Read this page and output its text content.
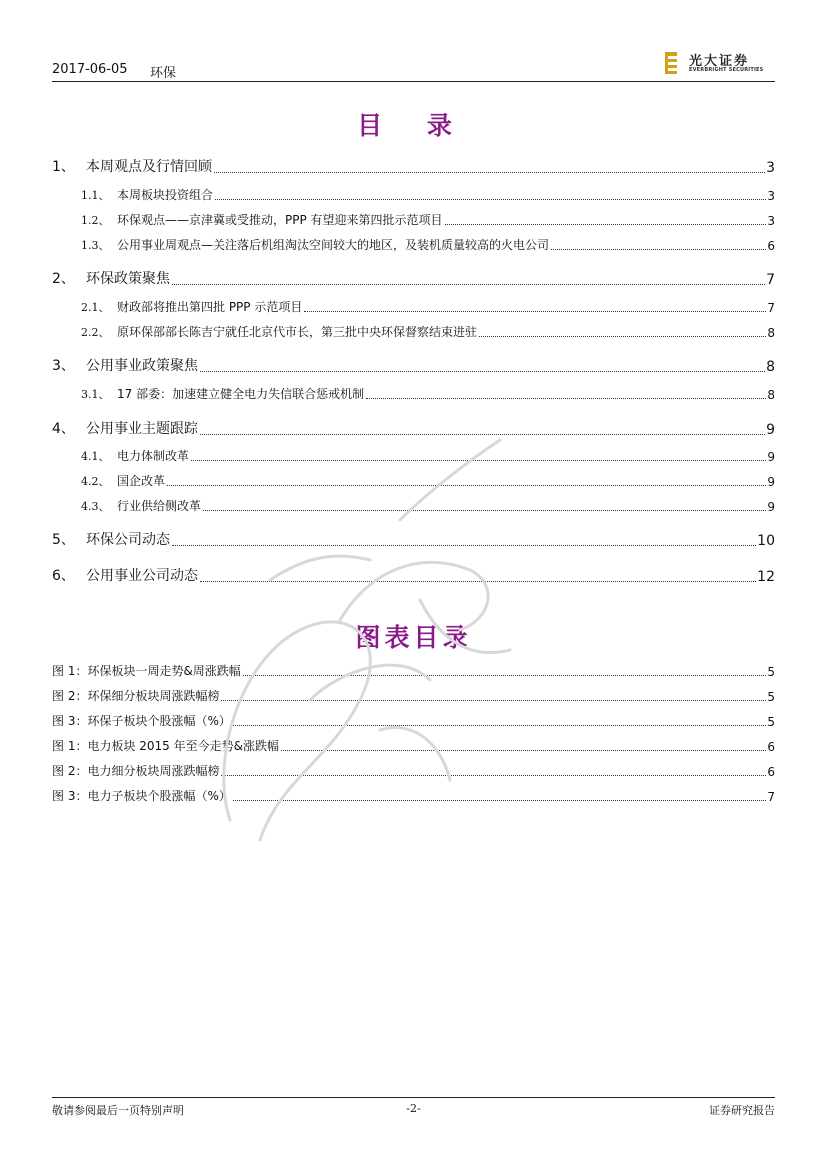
2017-06-05 环保
光大证券
EVERBRIGHT SECURITIES
目 录
1、 本周观点及行情回顾	3
1.1、 本周板块投资组合	3
1.2、 环保观点——京津冀或受推动，PPP 有望迎来第四批示范项目	3
1.3、 公用事业周观点—关注落后机组淘汰空间较大的地区，及装机质量较高的火电公司	6
2、 环保政策聚焦	7
2.1、 财政部将推出第四批 PPP 示范项目	7
2.2、 原环保部部长陈吉宁就任北京代市长，第三批中央环保督察结束进驻	8
3、 公用事业政策聚焦	8
3.1、 17 部委：加速建立健全电力失信联合惩戒机制	8
4、 公用事业主题跟踪	9
4.1、 电力体制改革	9
4.2、 国企改革	9
4.3、 行业供给侧改革	9
5、 环保公司动态	10
6、 公用事业公司动态	12
图表目录
图 1：环保板块一周走势&周涨跌幅	5
图 2：环保细分板块周涨跌幅榜	5
图 3：环保子板块个股涨幅（%）	5
图 1：电力板块 2015 年至今走势&涨跌幅	6
图 2：电力细分板块周涨跌幅榜	6
图 3：电力子板块个股涨幅（%）	7
敬请参阅最后一页特别声明	-2-	证券研究报告
